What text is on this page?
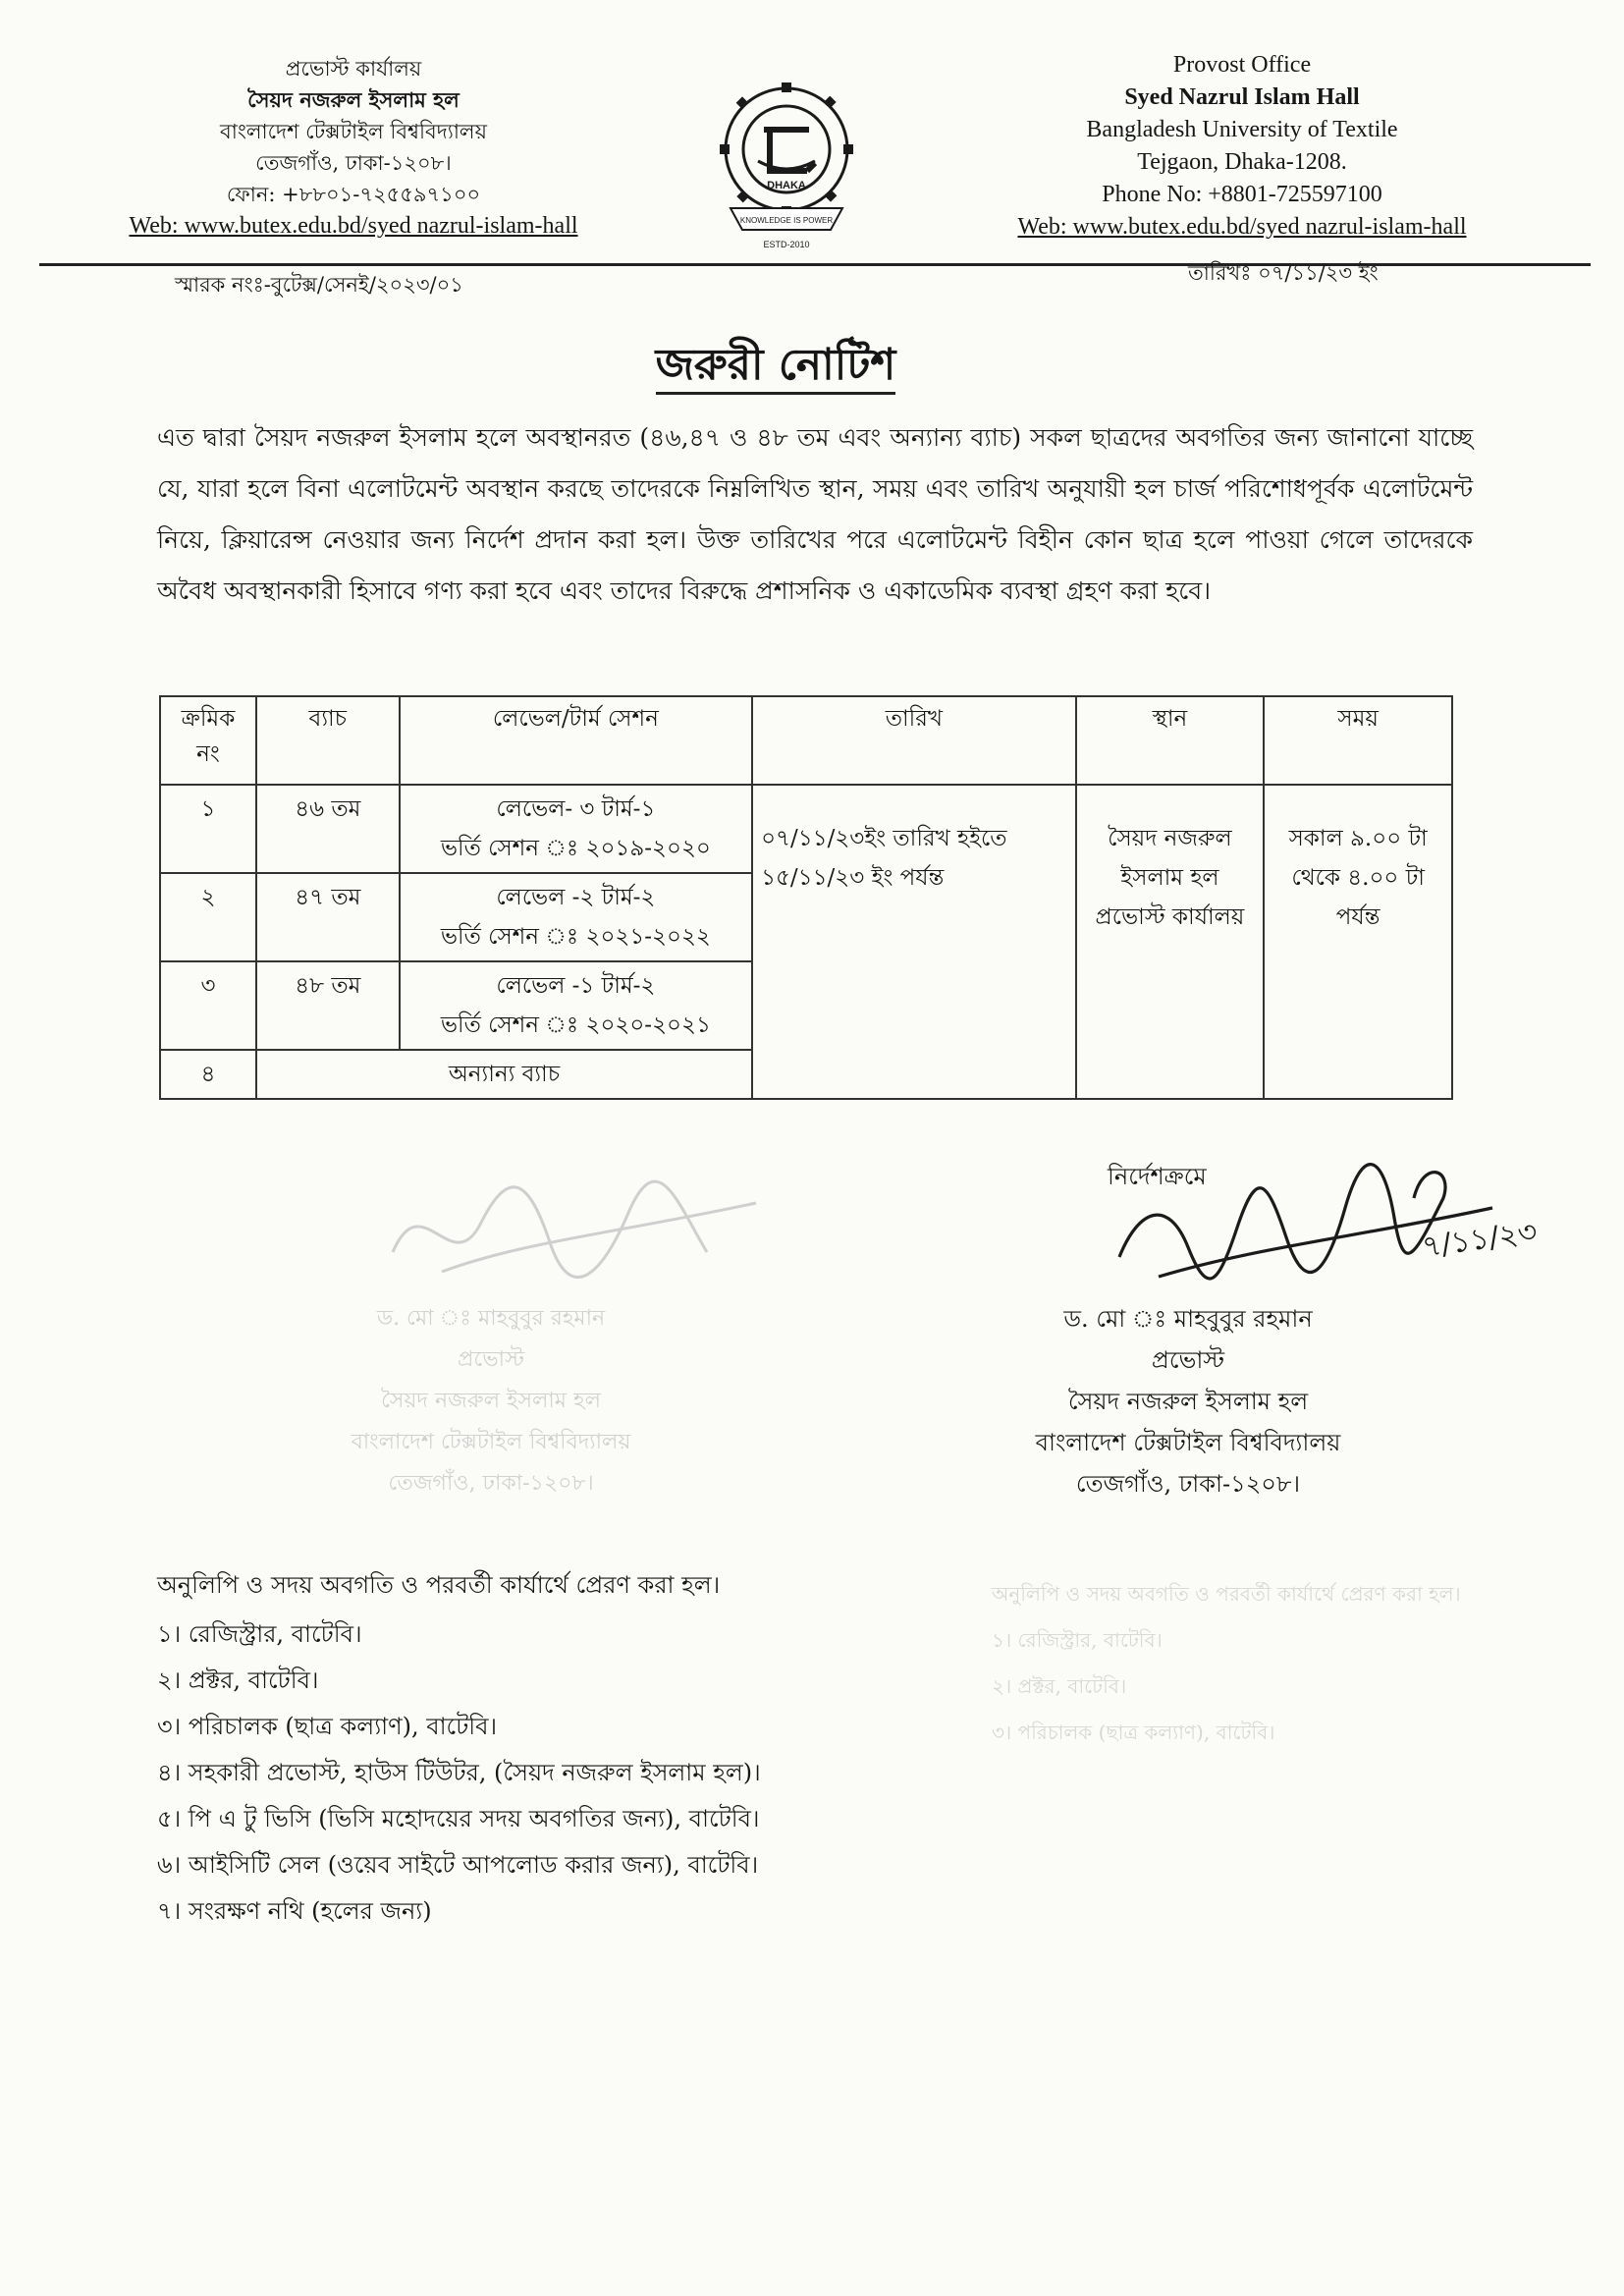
প্রভোস্ট কার্যালয়
সৈয়দ নজরুল ইসলাম হল
বাংলাদেশ টেক্সটাইল বিশ্ববিদ্যালয়
তেজগাঁও, ঢাকা-১২০৮।
ফোন: +৮৮০১-৭২৫৫৯৭১০০
Web: www.butex.edu.bd/syed nazrul-islam-hall
DHAKA
KNOWLEDGE IS POWER
ESTD-2010
Provost Office
Syed Nazrul Islam Hall
Bangladesh University of Textile
Tejgaon, Dhaka-1208.
Phone No: +8801-725597100
Web: www.butex.edu.bd/syed nazrul-islam-hall
স্মারক নংঃ-বুটেক্স/সেনই/২০২৩/০১	তারিখঃ ০৭/১১/২৩ ইং
জরুরী নোটিশ
এত দ্বারা সৈয়দ নজরুল ইসলাম হলে অবস্থানরত (৪৬,৪৭ ও ৪৮ তম এবং অন্যান্য ব্যাচ) সকল ছাত্রদের অবগতির জন্য জানানো যাচ্ছে যে, যারা হলে বিনা এলোটমেন্ট অবস্থান করছে তাদেরকে নিম্নলিখিত স্থান, সময় এবং তারিখ অনুযায়ী হল চার্জ পরিশোধপূর্বক এলোটমেন্ট নিয়ে, ক্লিয়ারেন্স নেওয়ার জন্য নির্দেশ প্রদান করা হল। উক্ত তারিখের পরে এলোটমেন্ট বিহীন কোন ছাত্র হলে পাওয়া গেলে তাদেরকে অবৈধ অবস্থানকারী হিসাবে গণ্য করা হবে এবং তাদের বিরুদ্ধে প্রশাসনিক ও একাডেমিক ব্যবস্থা গ্রহণ করা হবে।
ক্রমিক নং	ব্যাচ	লেভেল/টার্ম সেশন	তারিখ	স্থান	সময়
১	৪৬ তম	লেভেল- ৩ টার্ম-১
ভর্তি সেশন ঃ ২০১৯-২০২০	০৭/১১/২৩ইং তারিখ হইতে ১৫/১১/২৩ ইং পর্যন্ত	সৈয়দ নজরুল ইসলাম হল প্রভোস্ট কার্যালয়	সকাল ৯.০০ টা থেকে ৪.০০ টা পর্যন্ত
২	৪৭ তম	লেভেল -২ টার্ম-২
ভর্তি সেশন ঃ ২০২১-২০২২			

৩	৪৮ তম	লেভেল -১ টার্ম-২
ভর্তি সেশন ঃ ২০২০-২০২১			

৪	অন্যান্য ব্যাচ				
ড. মো ঃ মাহবুবুর রহমান
প্রভোস্ট
সৈয়দ নজরুল ইসলাম হল
বাংলাদেশ টেক্সটাইল বিশ্ববিদ্যালয়
তেজগাঁও, ঢাকা-১২০৮।
নির্দেশক্রমে
৭/১১/২৩
ড. মো ঃ মাহবুবুর রহমান
প্রভোস্ট
সৈয়দ নজরুল ইসলাম হল
বাংলাদেশ টেক্সটাইল বিশ্ববিদ্যালয়
তেজগাঁও, ঢাকা-১২০৮।
অনুলিপি ও সদয় অবগতি ও পরবর্তী কার্যার্থে প্রেরণ করা হল।
১। রেজিস্ট্রার, বাটেবি।
২। প্রক্টর, বাটেবি।
৩। পরিচালক (ছাত্র কল্যাণ), বাটেবি।
৪। সহকারী প্রভোস্ট, হাউস টিউটর, (সৈয়দ নজরুল ইসলাম হল)।
৫। পি এ টু ভিসি (ভিসি মহোদয়ের সদয় অবগতির জন্য), বাটেবি।
৬। আইসিটি সেল (ওয়েব সাইটে আপলোড করার জন্য), বাটেবি।
৭। সংরক্ষণ নথি (হলের জন্য)
অনুলিপি ও সদয় অবগতি ও পরবর্তী কার্যার্থে প্রেরণ করা হল।
১। রেজিস্ট্রার, বাটেবি।
২। প্রক্টর, বাটেবি।
৩। পরিচালক (ছাত্র কল্যাণ), বাটেবি।
